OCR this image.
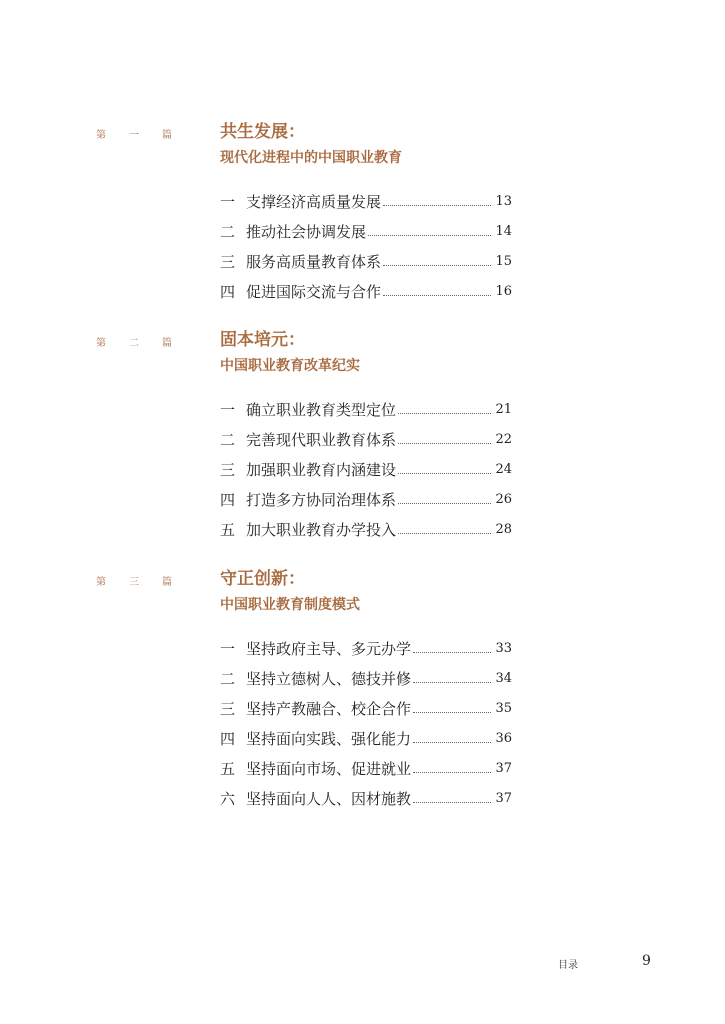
第 一 篇	共生发展：
现代化进程中的中国职业教育
一 支撑经济高质量发展	13
二 推动社会协调发展	14
三 服务高质量教育体系	15
四 促进国际交流与合作	16
第 二 篇	固本培元：
中国职业教育改革纪实
一 确立职业教育类型定位	21
二 完善现代职业教育体系	22
三 加强职业教育内涵建设	24
四 打造多方协同治理体系	26
五 加大职业教育办学投入	28
第 三 篇	守正创新：
中国职业教育制度模式
一 坚持政府主导、多元办学	33
二 坚持立德树人、德技并修	34
三 坚持产教融合、校企合作	35
四 坚持面向实践、强化能力	36
五 坚持面向市场、促进就业	37
六 坚持面向人人、因材施教	37
目录	9
